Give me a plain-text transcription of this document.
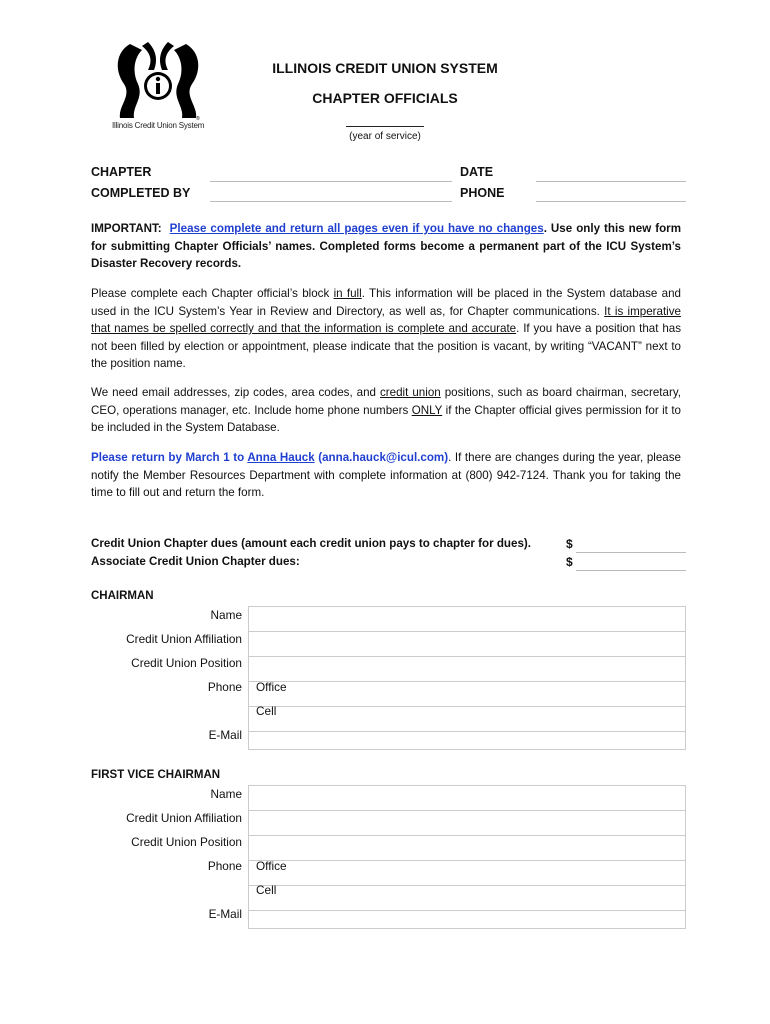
®
Illinois Credit Union System
ILLINOIS CREDIT UNION SYSTEM
CHAPTER OFFICIALS
(year of service)
CHAPTER
COMPLETED BY
DATE
PHONE
IMPORTANT: Please complete and return all pages even if you have no changes. Use only this new form for submitting Chapter Officials’ names. Completed forms become a permanent part of the ICU System’s Disaster Recovery records.
Please complete each Chapter official’s block in full. This information will be placed in the System database and used in the ICU System’s Year in Review and Directory, as well as, for Chapter communications. It is imperative that names be spelled correctly and that the information is complete and accurate. If you have a position that has not been filled by election or appointment, please indicate that the position is vacant, by writing “VACANT” next to the position name.
We need email addresses, zip codes, area codes, and credit union positions, such as board chairman, secretary, CEO, operations manager, etc. Include home phone numbers ONLY if the Chapter official gives permission for it to be included in the System Database.
Please return by March 1 to Anna Hauck (anna.hauck@icul.com). If there are changes during the year, please notify the Member Resources Department with complete information at (800) 942-7124. Thank you for taking the time to fill out and return the form.
Credit Union Chapter dues (amount each credit union pays to chapter for dues).	$
Associate Credit Union Chapter dues:	$
CHAIRMAN
Name
Credit Union Affiliation
Credit Union Position
Phone Office
Cell
E-Mail
FIRST VICE CHAIRMAN
Name
Credit Union Affiliation
Credit Union Position
Phone Office
Cell
E-Mail
